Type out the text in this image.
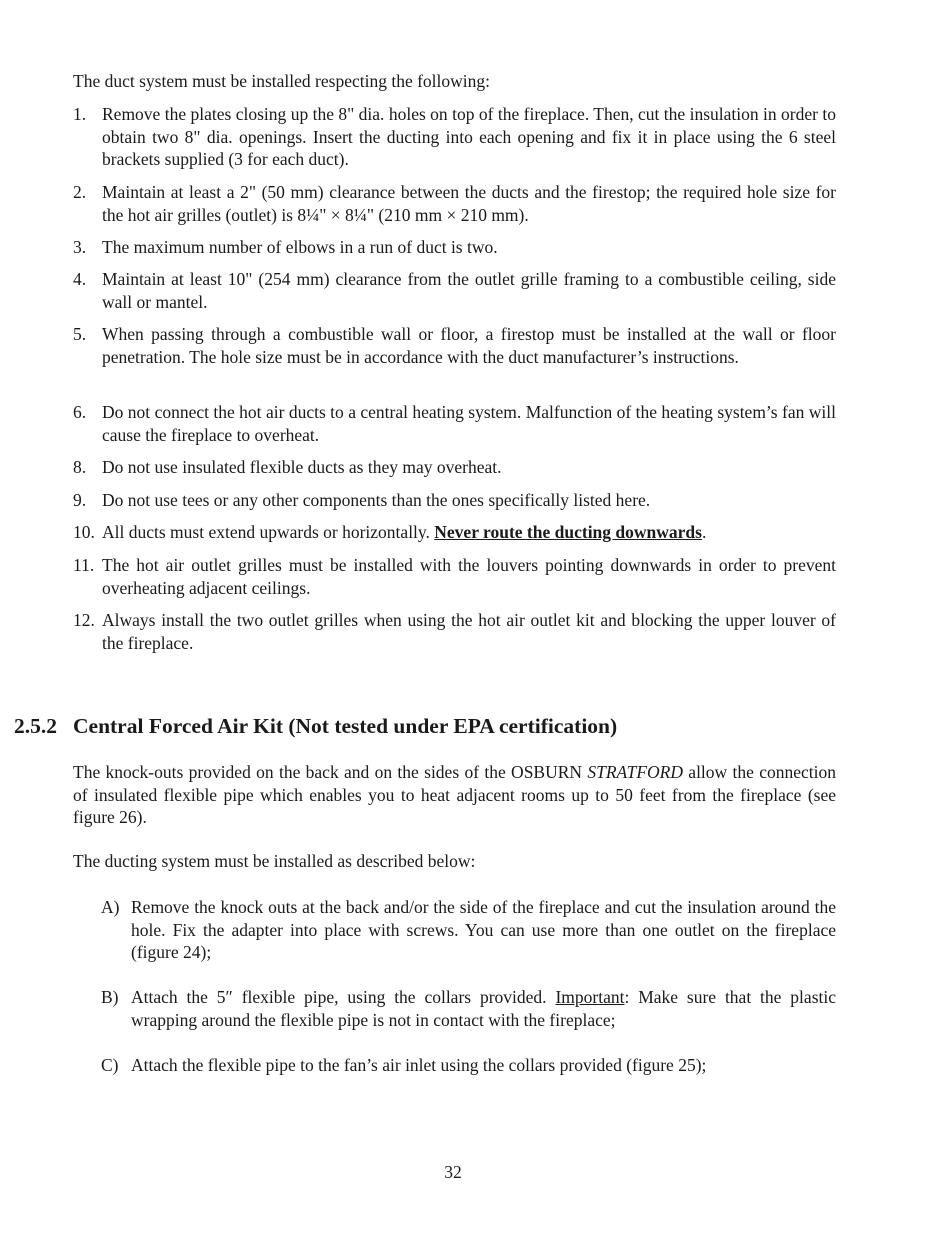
The duct system must be installed respecting the following:

1. Remove the plates closing up the 8" dia. holes on top of the fireplace. Then, cut the insulation in order to obtain two 8" dia. openings. Insert the ducting into each opening and fix it in place using the 6 steel brackets supplied (3 for each duct).
2. Maintain at least a 2" (50 mm) clearance between the ducts and the firestop; the required hole size for the hot air grilles (outlet) is 8¼" × 8¼" (210 mm × 210 mm).
3. The maximum number of elbows in a run of duct is two.
4. Maintain at least 10" (254 mm) clearance from the outlet grille framing to a combustible ceiling, side wall or mantel.
5. When passing through a combustible wall or floor, a firestop must be installed at the wall or floor penetration. The hole size must be in accordance with the duct manufacturer’s instructions.
6. Do not connect the hot air ducts to a central heating system. Malfunction of the heating system’s fan will cause the fireplace to overheat.
8. Do not use insulated flexible ducts as they may overheat.
9. Do not use tees or any other components than the ones specifically listed here.
10. All ducts must extend upwards or horizontally. Never route the ducting downwards.
11. The hot air outlet grilles must be installed with the louvers pointing downwards in order to prevent overheating adjacent ceilings.
12. Always install the two outlet grilles when using the hot air outlet kit and blocking the upper louver of the fireplace.
2.5.2 Central Forced Air Kit (Not tested under EPA certification)

The knock-outs provided on the back and on the sides of the OSBURN STRATFORD allow the connection of insulated flexible pipe which enables you to heat adjacent rooms up to 50 feet from the fireplace (see figure 26).

The ducting system must be installed as described below:

A) Remove the knock outs at the back and/or the side of the fireplace and cut the insulation around the hole. Fix the adapter into place with screws. You can use more than one outlet on the fireplace (figure 24);
B) Attach the 5″ flexible pipe, using the collars provided. Important: Make sure that the plastic wrapping around the flexible pipe is not in contact with the fireplace;
C) Attach the flexible pipe to the fan’s air inlet using the collars provided (figure 25);
32
